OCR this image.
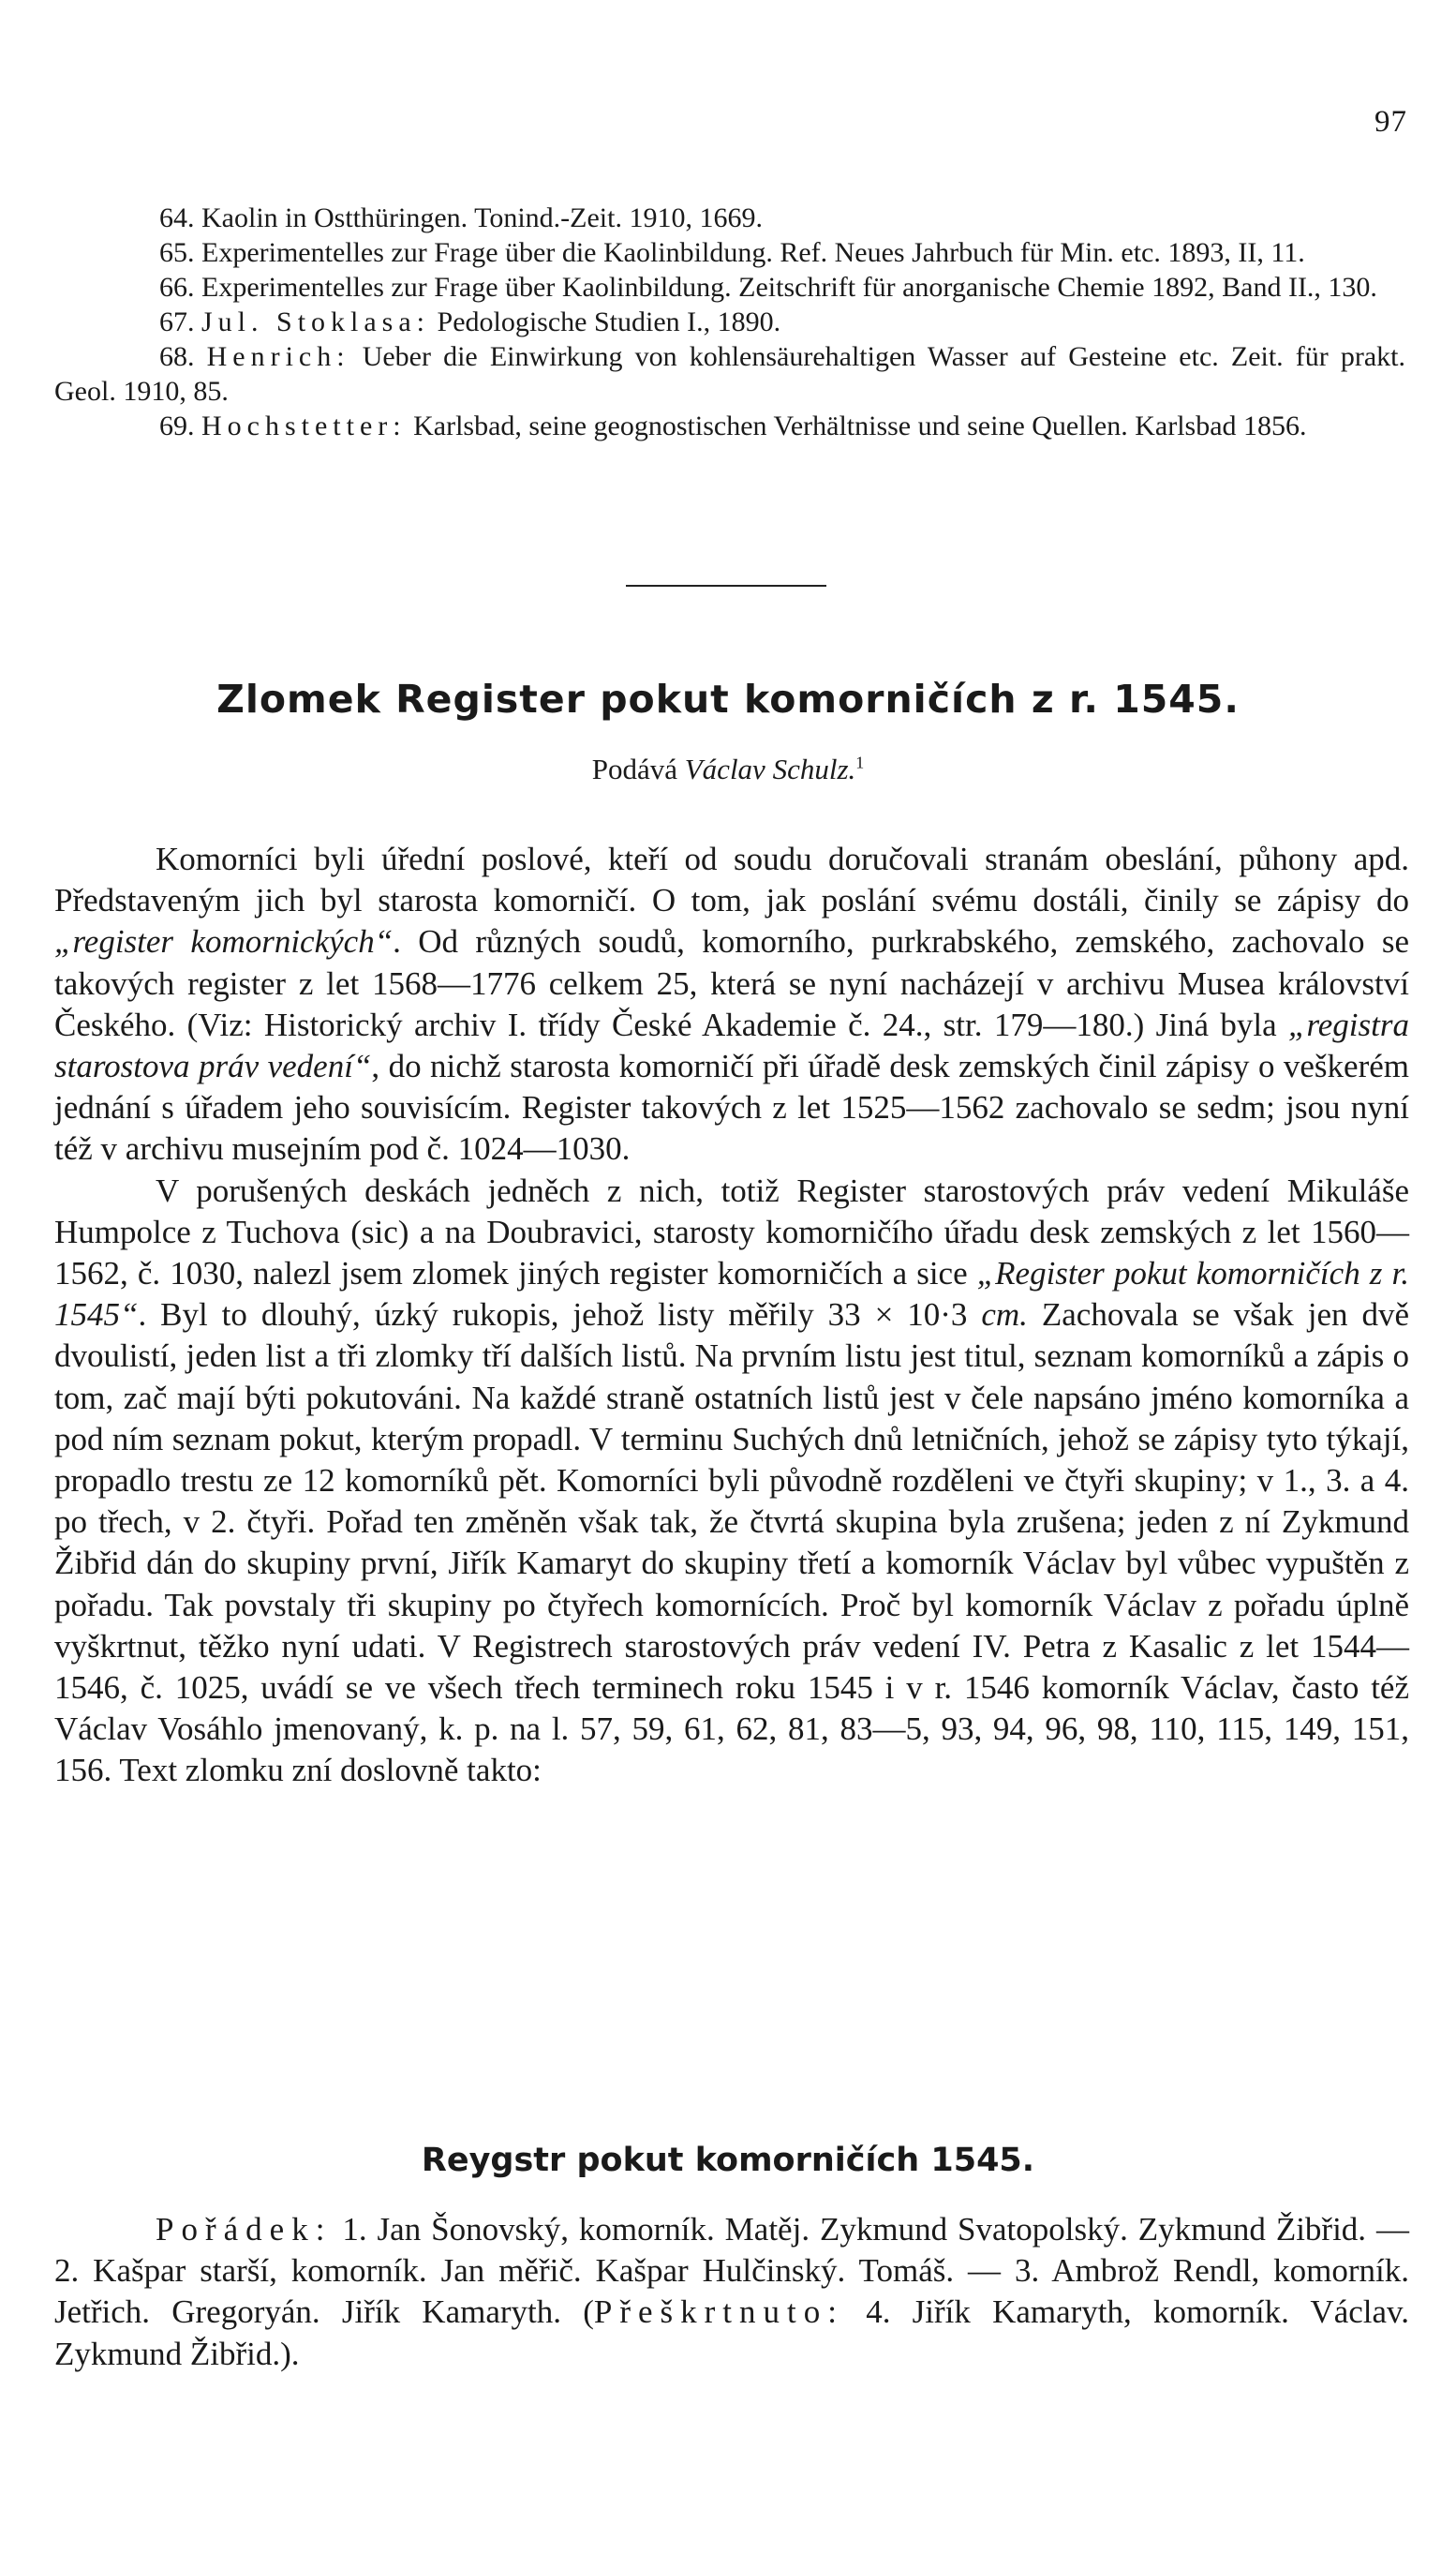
97

64. Kaolin in Ostthüringen. Tonind.-Zeit. 1910, 1669.

65. Experimentelles zur Frage über die Kaolinbildung. Ref. Neues Jahrbuch für Min. etc. 1893, II, 11.

66. Experimentelles zur Frage über Kaolinbildung. Zeitschrift für anorganische Chemie 1892, Band II., 130.

67. Jul. Stoklasa: Pedologische Studien I., 1890.

68. Henrich: Ueber die Einwirkung von kohlensäurehaltigen Wasser auf Gesteine etc. Zeit. für prakt. Geol. 1910, 85.

69. Hochstetter: Karlsbad, seine geognostischen Verhältnisse und seine Quellen. Karlsbad 1856.

Zlomek Register pokut komorničích z r. 1545.
Podává Václav Schulz.$^1$

Komorníci byli úřední poslové, kteří od soudu doručovali stranám obeslání, půhony apd. Představeným jich byl starosta komorničí. O tom, jak poslání svému dostáli, činily se zápisy do „register komornických“. Od různých soudů, komorního, purkrabského, zemského, zachovalo se takových register z let 1568—1776 celkem 25, která se nyní nacházejí v archivu Musea království Českého. (Viz: Historický archiv I. třídy České Akademie č. 24., str. 179—180.) Jiná byla „registra starostova práv vedení“, do nichž starosta komorničí při úřadě desk zemských činil zápisy o veškerém jednání s úřadem jeho souvisícím. Register takových z let 1525—1562 zachovalo se sedm; jsou nyní též v archivu musejním pod č. 1024—1030.

V porušených deskách jedněch z nich, totiž Register starostových práv vedení Mikuláše Humpolce z Tuchova (sic) a na Doubravici, starosty komorničího úřadu desk zemských z let 1560—1562, č. 1030, nalezl jsem zlomek jiných register komorničích a sice „Register pokut komorničích z r. 1545“. Byl to dlouhý, úzký rukopis, jehož listy měřily 33 × 10·3 cm. Zachovala se však jen dvě dvoulistí, jeden list a tři zlomky tří dalších listů. Na prvním listu jest titul, seznam komorníků a zápis o tom, zač mají býti pokutováni. Na každé straně ostatních listů jest v čele napsáno jméno komorníka a pod ním seznam pokut, kterým propadl. V terminu Suchých dnů letničních, jehož se zápisy tyto týkají, propadlo trestu ze 12 komorníků pět. Komorníci byli původně rozděleni ve čtyři skupiny; v 1., 3. a 4. po třech, v 2. čtyři. Pořad ten změněn však tak, že čtvrtá skupina byla zrušena; jeden z ní Zykmund Žibřid dán do skupiny první, Jiřík Kamaryt do skupiny třetí a komorník Václav byl vůbec vypuštěn z pořadu. Tak povstaly tři skupiny po čtyřech komornících. Proč byl komorník Václav z pořadu úplně vyškrtnut, těžko nyní udati. V Registrech starostových práv vedení IV. Petra z Kasalic z let 1544—1546, č. 1025, uvádí se ve všech třech terminech roku 1545 i v r. 1546 komorník Václav, často též Václav Vosáhlo jmenovaný, k. p. na l. 57, 59, 61, 62, 81, 83—5, 93, 94, 96, 98, 110, 115, 149, 151, 156. Text zlomku zní doslovně takto:

Reygstr pokut komorničích 1545.

Pořádek: 1. Jan Šonovský, komorník. Matěj. Zykmund Svatopolský. Zykmund Žibřid. — 2. Kašpar starší, komorník. Jan měřič. Kašpar Hulčinský. Tomáš. — 3. Ambrož Rendl, komorník. Jetřich. Gregoryán. Jiřík Kamaryth. (Přeškrtnuto: 4. Jiřík Kamaryth, komorník. Václav. Zykmund Žibřid.).
